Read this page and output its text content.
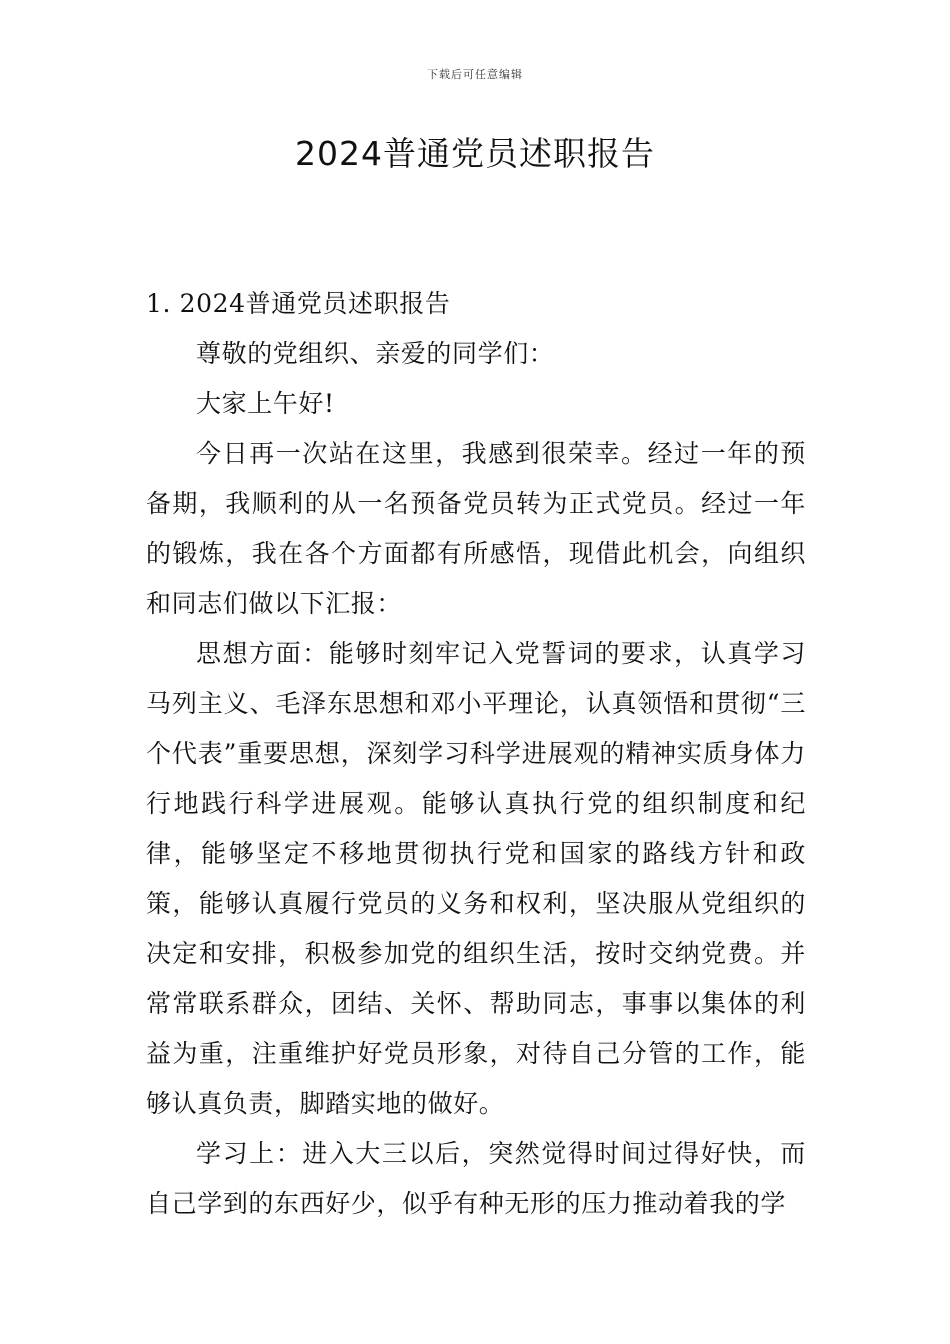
下载后可任意编辑
2024普通党员述职报告

1. 2024普通党员述职报告

尊敬的党组织、亲爱的同学们：

大家上午好!

今日再一次站在这里，我感到很荣幸。经过一年的预备期，我顺利的从一名预备党员转为正式党员。经过一年的锻炼，我在各个方面都有所感悟，现借此机会，向组织和同志们做以下汇报：

思想方面：能够时刻牢记入党誓词的要求，认真学习马列主义、毛泽东思想和邓小平理论，认真领悟和贯彻“三个代表”重要思想，深刻学习科学进展观的精神实质身体力行地践行科学进展观。能够认真执行党的组织制度和纪律，能够坚定不移地贯彻执行党和国家的路线方针和政策，能够认真履行党员的义务和权利，坚决服从党组织的决定和安排，积极参加党的组织生活，按时交纳党费。并常常联系群众，团结、关怀、帮助同志，事事以集体的利益为重，注重维护好党员形象，对待自己分管的工作，能够认真负责，脚踏实地的做好。

学习上：进入大三以后，突然觉得时间过得好快，而自己学到的东西好少，似乎有种无形的压力推动着我的学
